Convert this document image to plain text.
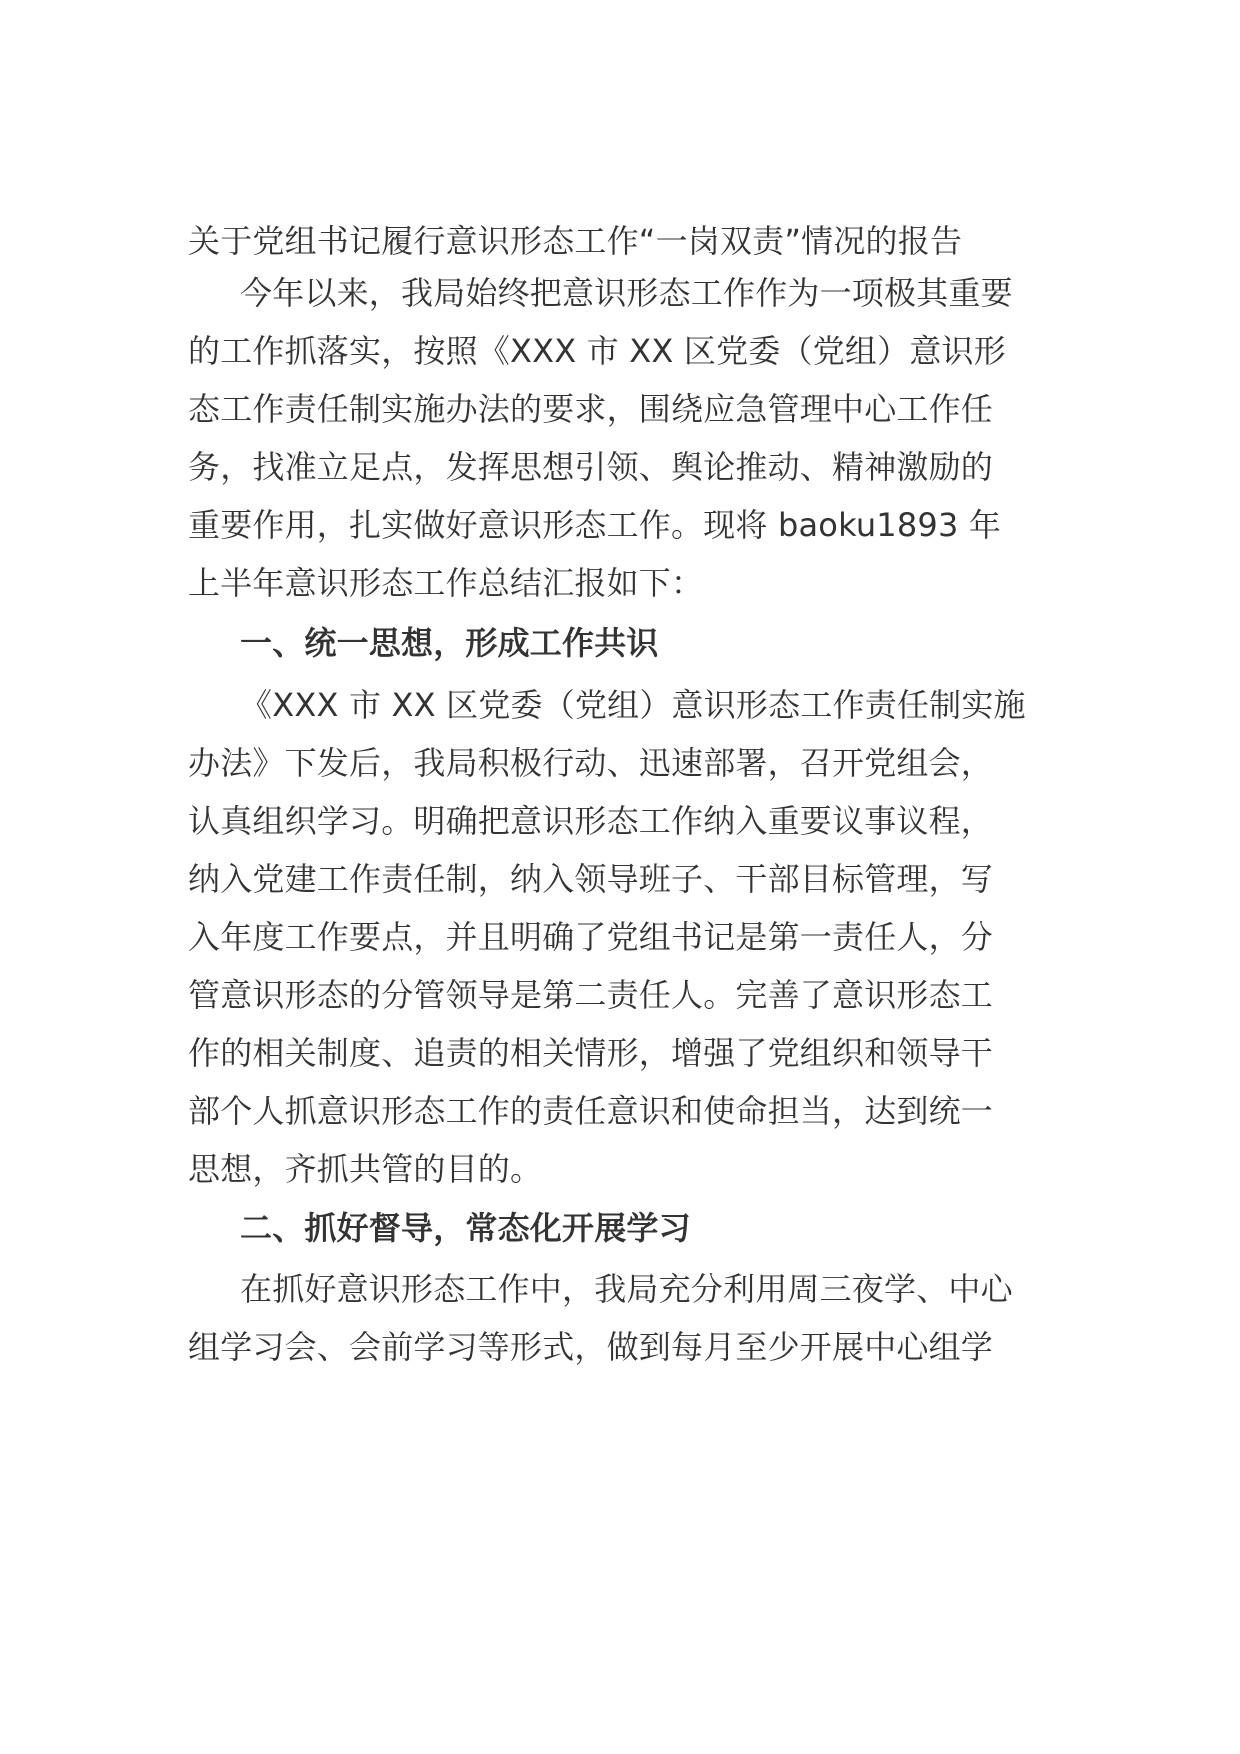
关于党组书记履行意识形态工作“一岗双责”情况的报告
今年以来，我局始终把意识形态工作作为一项极其重要
的工作抓落实，按照《XXX 市 XX 区党委（党组）意识形
态工作责任制实施办法的要求，围绕应急管理中心工作任
务，找准立足点，发挥思想引领、舆论推动、精神激励的
重要作用，扎实做好意识形态工作。现将 baoku1893 年
上半年意识形态工作总结汇报如下：
一、统一思想，形成工作共识
《XXX 市 XX 区党委（党组）意识形态工作责任制实施
办法》下发后，我局积极行动、迅速部署，召开党组会，
认真组织学习。明确把意识形态工作纳入重要议事议程，
纳入党建工作责任制，纳入领导班子、干部目标管理，写
入年度工作要点，并且明确了党组书记是第一责任人，分
管意识形态的分管领导是第二责任人。完善了意识形态工
作的相关制度、追责的相关情形，增强了党组织和领导干
部个人抓意识形态工作的责任意识和使命担当，达到统一
思想，齐抓共管的目的。
二、抓好督导，常态化开展学习
在抓好意识形态工作中，我局充分利用周三夜学、中心
组学习会、会前学习等形式，做到每月至少开展中心组学
